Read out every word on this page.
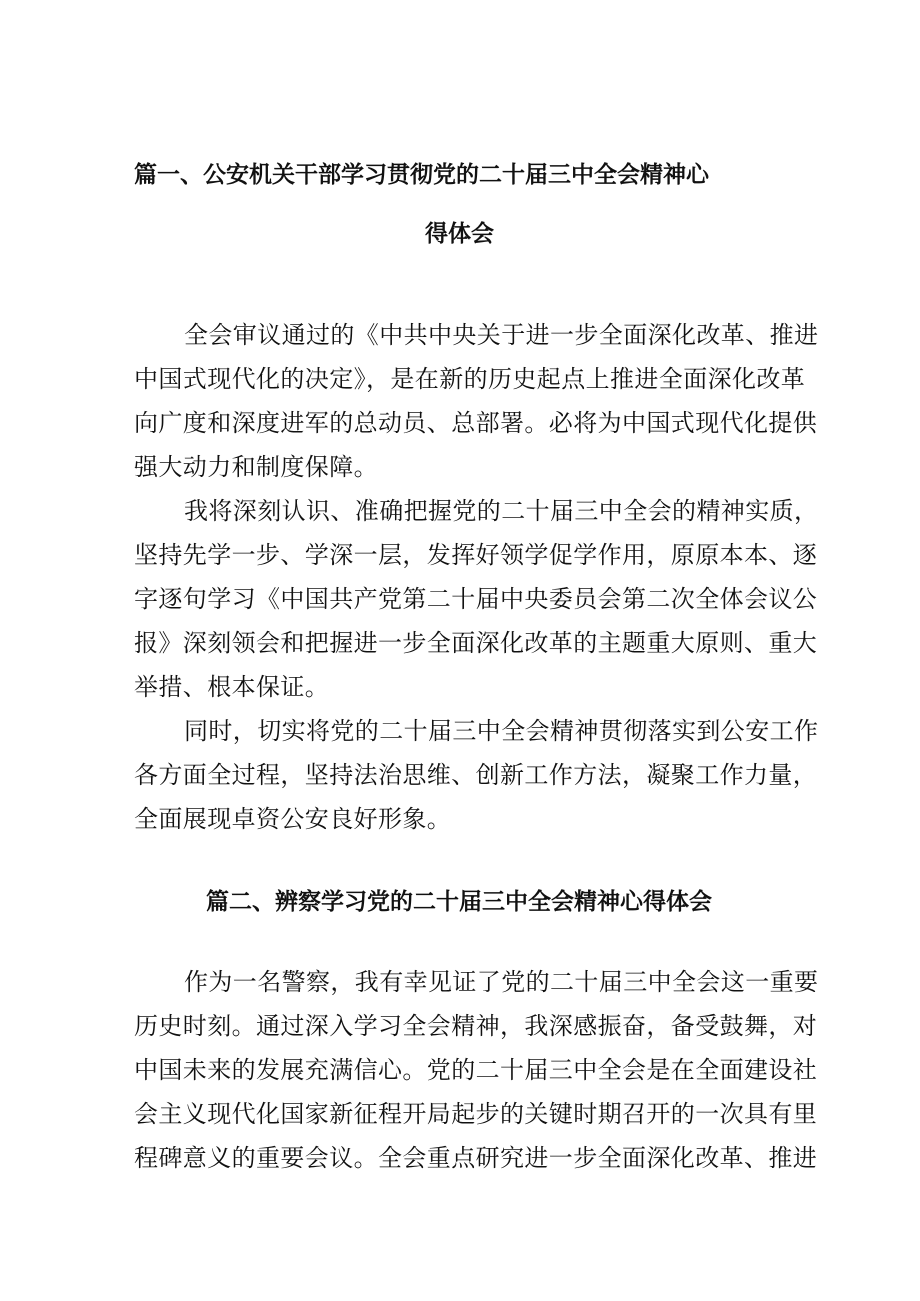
篇一、公安机关干部学习贯彻党的二十届三中全会精神心
得体会
全会审议通过的《中共中央关于进一步全面深化改革、推进
中国式现代化的决定》，是在新的历史起点上推进全面深化改革
向广度和深度进军的总动员、总部署。必将为中国式现代化提供
强大动力和制度保障。
我将深刻认识、准确把握党的二十届三中全会的精神实质，
坚持先学一步、学深一层，发挥好领学促学作用，原原本本、逐
字逐句学习《中国共产党第二十届中央委员会第二次全体会议公
报》深刻领会和把握进一步全面深化改革的主题重大原则、重大
举措、根本保证。
同时，切实将党的二十届三中全会精神贯彻落实到公安工作
各方面全过程，坚持法治思维、创新工作方法，凝聚工作力量，
全面展现卓资公安良好形象。
篇二、辨察学习党的二十届三中全会精神心得体会
作为一名警察，我有幸见证了党的二十届三中全会这一重要
历史时刻。通过深入学习全会精神，我深感振奋，备受鼓舞，对
中国未来的发展充满信心。党的二十届三中全会是在全面建设社
会主义现代化国家新征程开局起步的关键时期召开的一次具有里
程碑意义的重要会议。全会重点研究进一步全面深化改革、推进
